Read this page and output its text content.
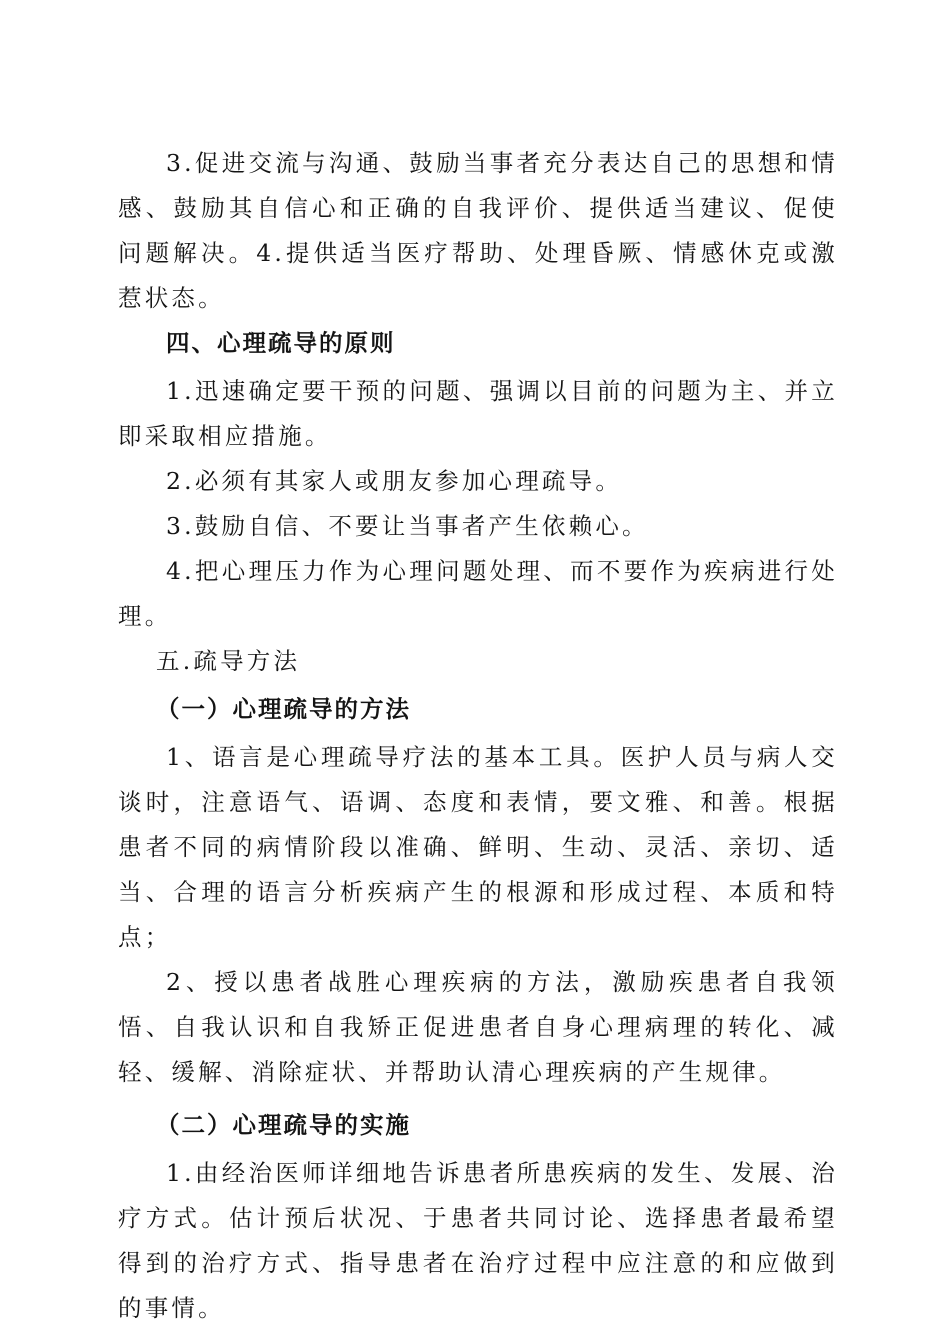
3.促进交流与沟通、鼓励当事者充分表达自己的思想和情感、鼓励其自信心和正确的自我评价、提供适当建议、促使问题解决。4.提供适当医疗帮助、处理昏厥、情感休克或激惹状态。

四、心理疏导的原则

1.迅速确定要干预的问题、强调以目前的问题为主、并立即采取相应措施。

2.必须有其家人或朋友参加心理疏导。

3.鼓励自信、不要让当事者产生依赖心。

4.把心理压力作为心理问题处理、而不要作为疾病进行处理。

五.疏导方法

（一）心理疏导的方法

1、语言是心理疏导疗法的基本工具。医护人员与病人交谈时，注意语气、语调、态度和表情，要文雅、和善。根据患者不同的病情阶段以准确、鲜明、生动、灵活、亲切、适当、合理的语言分析疾病产生的根源和形成过程、本质和特点；

2、授以患者战胜心理疾病的方法，激励疾患者自我领悟、自我认识和自我矫正促进患者自身心理病理的转化、减轻、缓解、消除症状、并帮助认清心理疾病的产生规律。

（二）心理疏导的实施

1.由经治医师详细地告诉患者所患疾病的发生、发展、治疗方式。估计预后状况、于患者共同讨论、选择患者最希望得到的治疗方式、指导患者在治疗过程中应注意的和应做到的事情。
